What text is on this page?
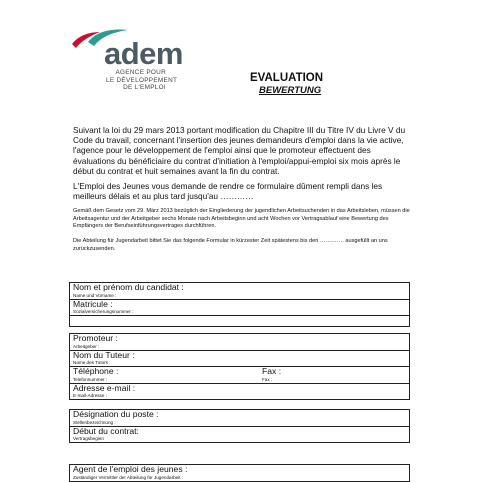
adem
AGENCE POUR
LE DÉVELOPPEMENT
DE L'EMPLOI
EVALUATION
BEWERTUNG
Suivant la loi du 29 mars 2013 portant modification du Chapitre III du Titre IV du Livre V du Code du travail, concernant l'insertion des jeunes demandeurs d'emploi dans la vie active, l'agence pour le développement de l'emploi ainsi que le promoteur effectuent des évaluations du bénéficiaire du contrat d'initiation à l'emploi/appui-emploi six mois après le début du contrat et huit semaines avant la fin du contrat.
L'Emploi des Jeunes vous demande de rendre ce formulaire dûment rempli dans les meilleurs délais et au plus tard jusqu'au …………
Gemäß dem Gesetz vom 29. März 2013 bezüglich der Eingliederung der jugendlichen Arbeitsuchenden in das Arbeitsleben, müssen die Arbeitsagentur und der Arbeitgeber sechs Monate nach Arbeitsbeginn und acht Wochen vor Vertragsablauf eine Bewertung des Empfängers der Berufseinführungsvertrages durchführen.
Die Abteilung für Jugendarbeit bittet Sie das folgende Formular in kürzester Zeit spätestens bis den …………. ausgefüllt an uns zurückzusenden.
Nom et prénom du candidat :
Name und Vorname :
Matricule :
Sozialversicherungsnummer :
Promoteur :
Arbeitgeber :
Nom du Tuteur :
Name des Tutors :
Téléphone :
Telefonnummer :
Fax :
Fax :
Adresse e-mail :
E-mail-Adresse :
Désignation du poste :
Stellenbezeichnung :
Début du contrat:
Vertragsbeginn
Agent de l'emploi des jeunes :
Zuständiger Vermittler der Abteilung für Jugendarbeit :
